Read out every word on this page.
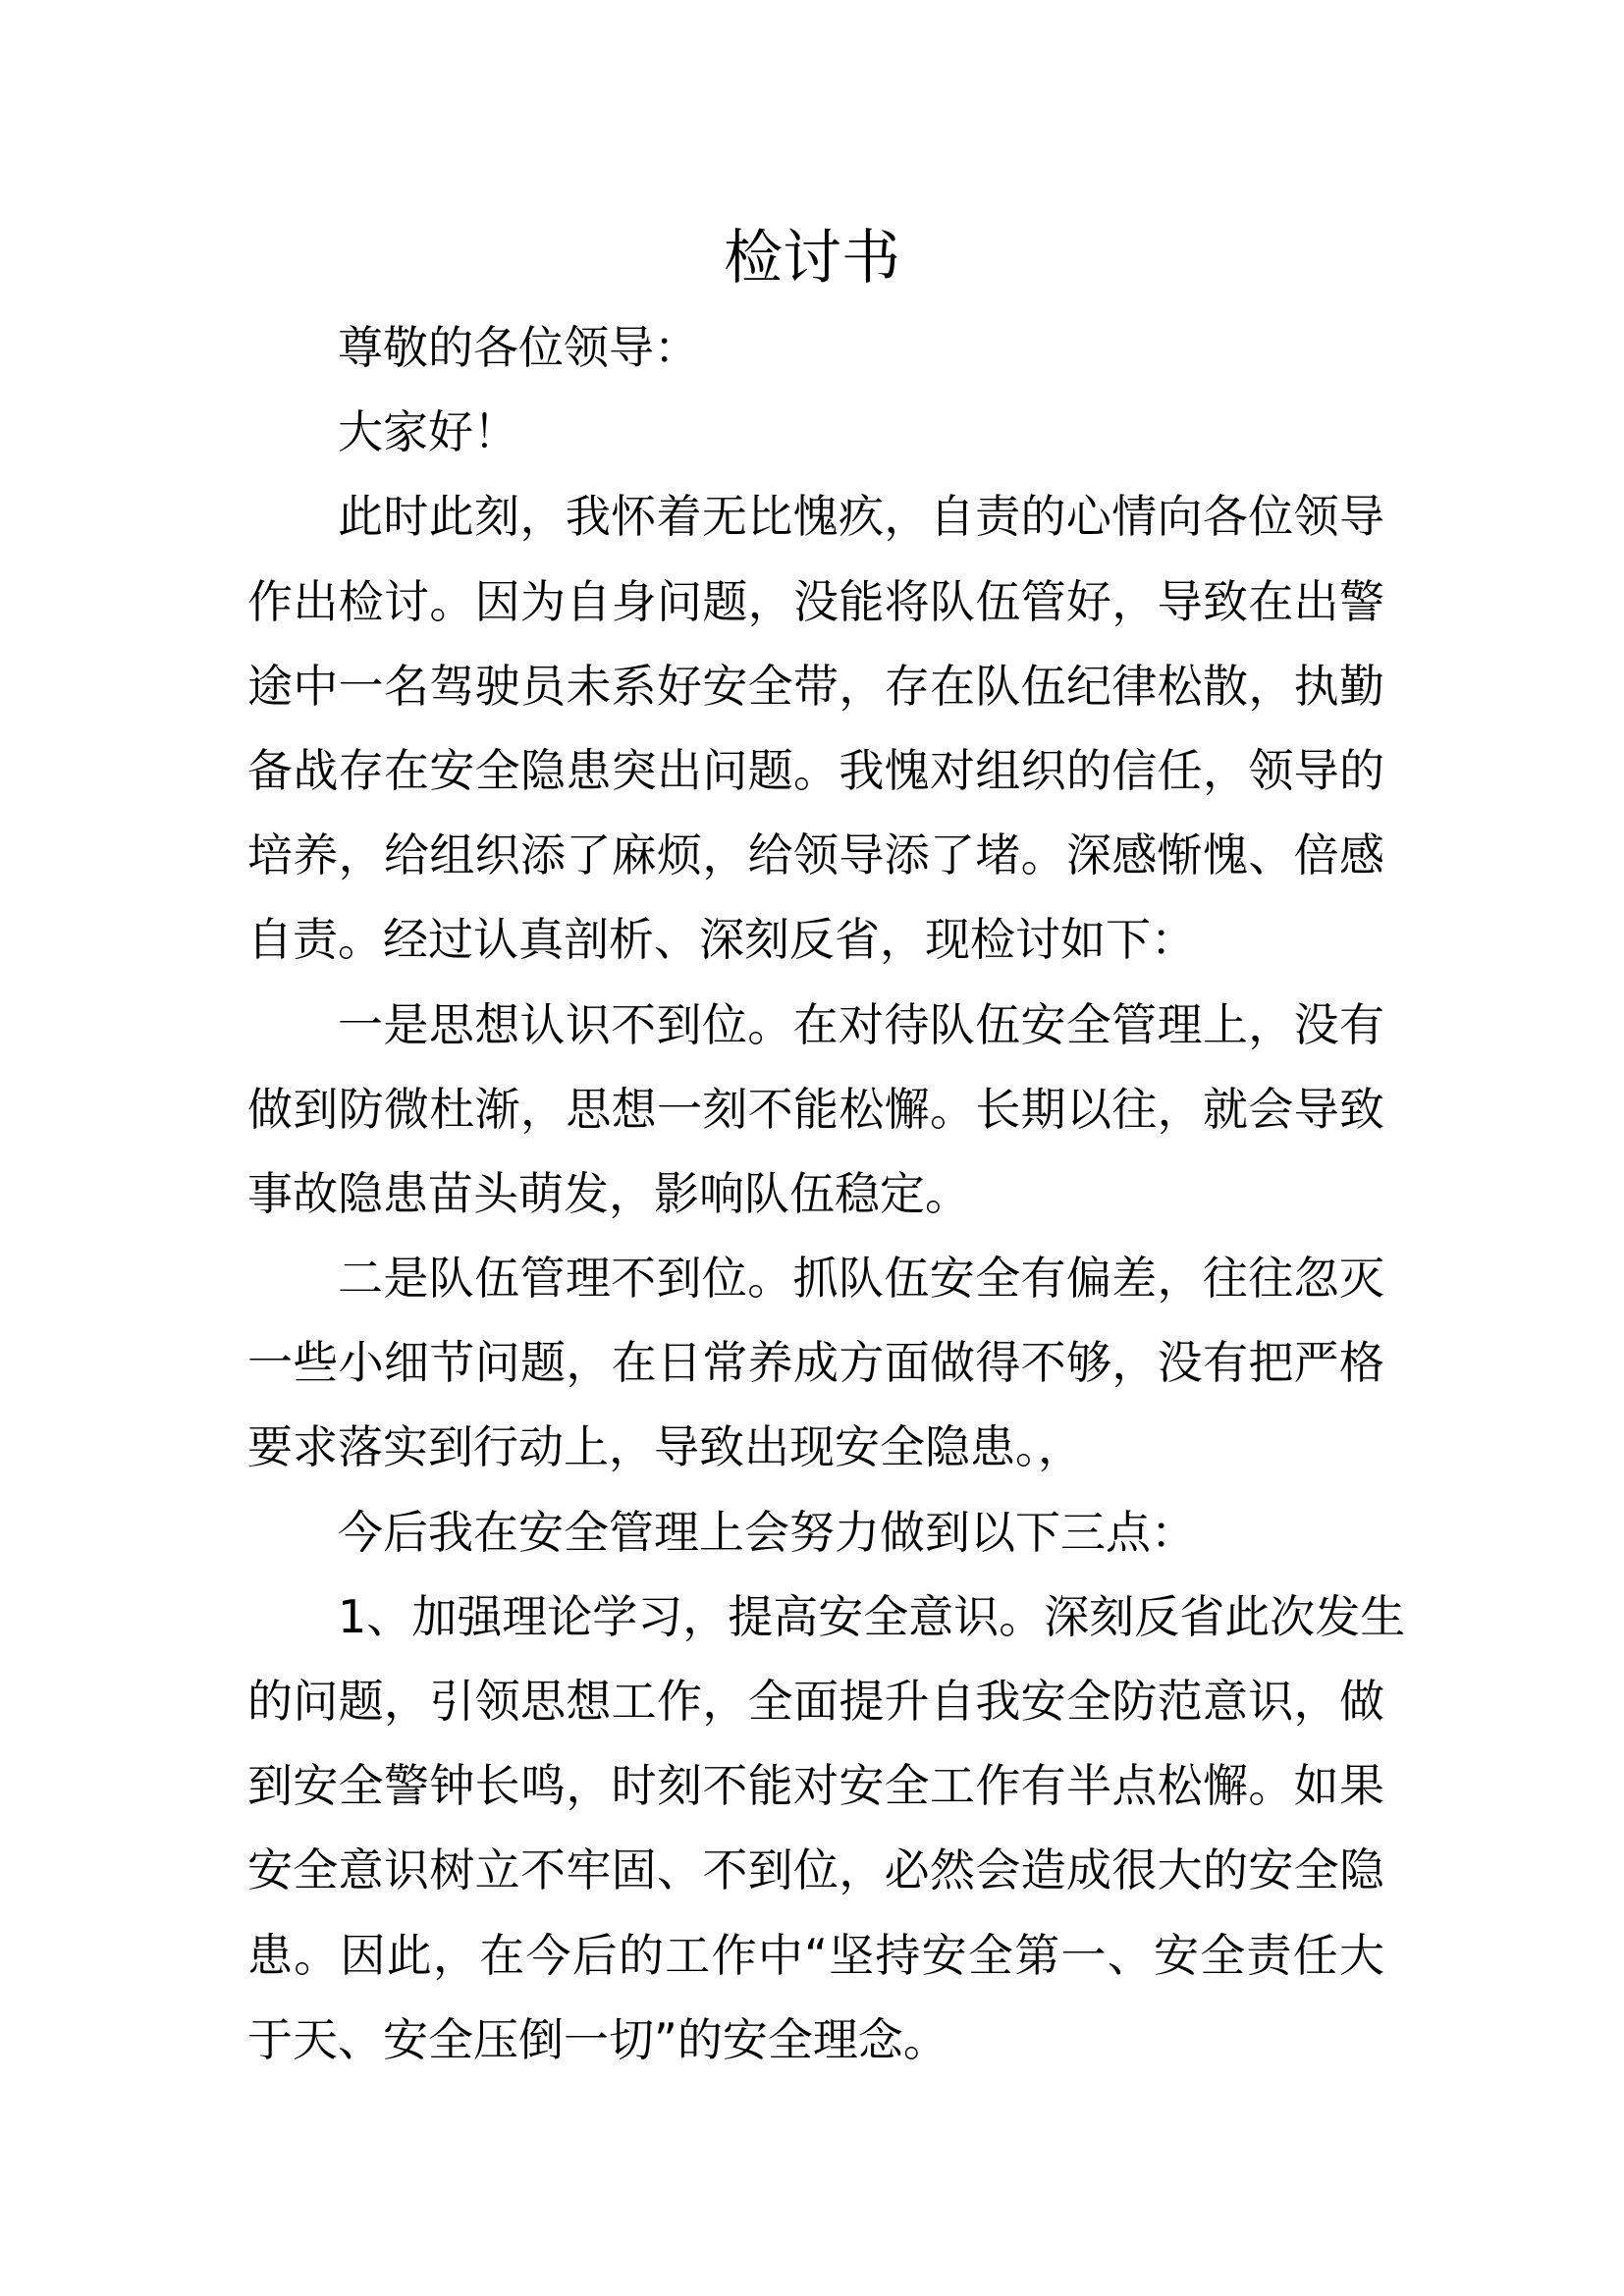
检讨书
尊敬的各位领导：
大家好！
此时此刻，我怀着无比愧疚，自责的心情向各位领导
作出检讨。因为自身问题，没能将队伍管好，导致在出警
途中一名驾驶员未系好安全带，存在队伍纪律松散，执勤
备战存在安全隐患突出问题。我愧对组织的信任，领导的
培养，给组织添了麻烦，给领导添了堵。深感惭愧、倍感
自责。经过认真剖析、深刻反省，现检讨如下：
一是思想认识不到位。在对待队伍安全管理上，没有
做到防微杜渐，思想一刻不能松懈。长期以往，就会导致
事故隐患苗头萌发，影响队伍稳定。
二是队伍管理不到位。抓队伍安全有偏差，往往忽灭
一些小细节问题，在日常养成方面做得不够，没有把严格
要求落实到行动上，导致出现安全隐患。，
今后我在安全管理上会努力做到以下三点：
1、加强理论学习，提高安全意识。深刻反省此次发生
的问题，引领思想工作，全面提升自我安全防范意识，做
到安全警钟长鸣，时刻不能对安全工作有半点松懈。如果
安全意识树立不牢固、不到位，必然会造成很大的安全隐
患。因此，在今后的工作中“坚持安全第一、安全责任大
于天、安全压倒一切”的安全理念。
